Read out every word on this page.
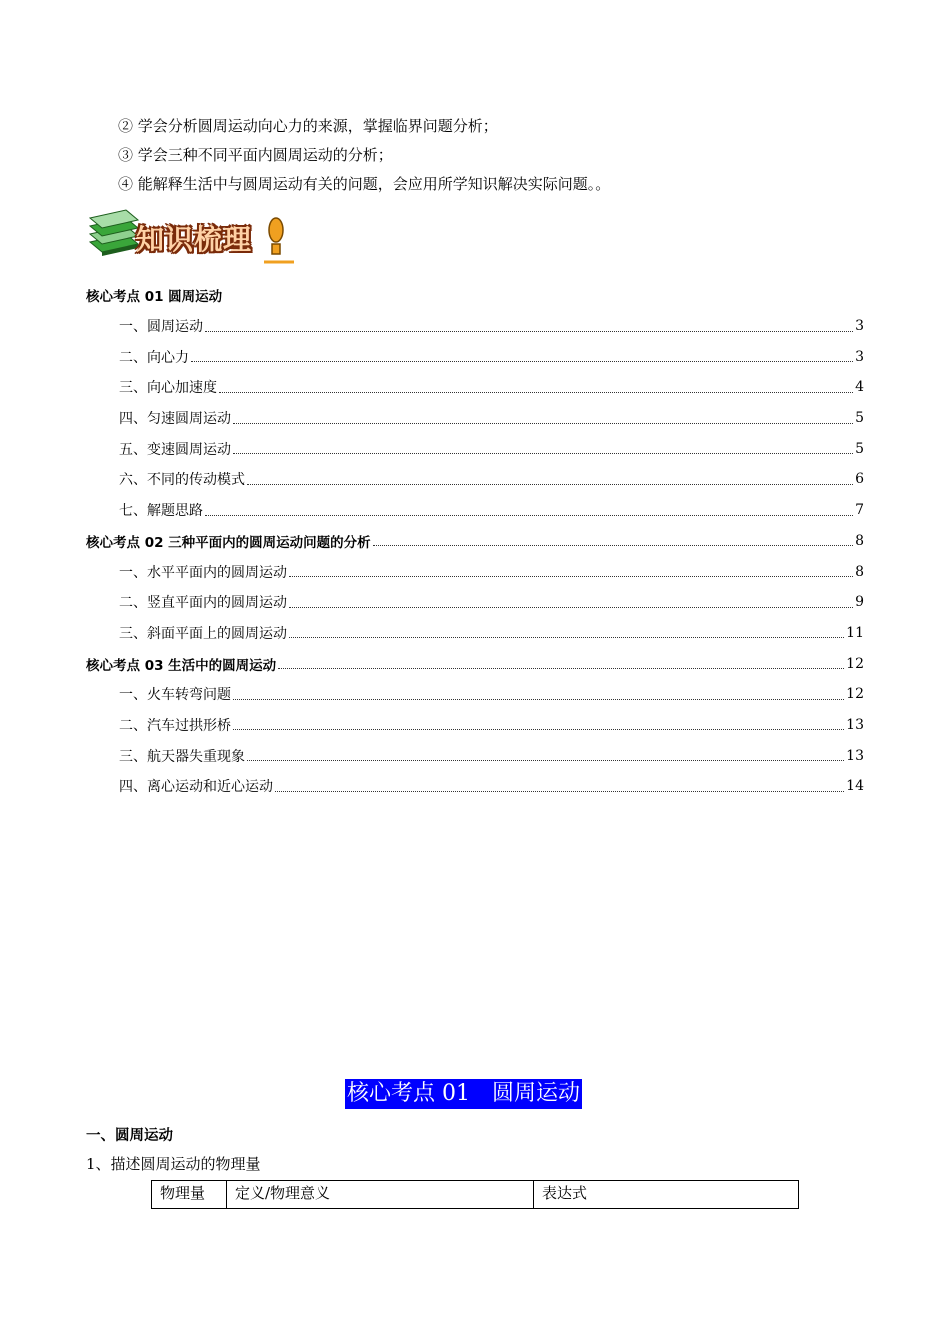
② 学会分析圆周运动向心力的来源，掌握临界问题分析；
③ 学会三种不同平面内圆周运动的分析；
④ 能解释生活中与圆周运动有关的问题，会应用所学知识解决实际问题。。
知识梳理
核心考点 01 圆周运动
一、圆周运动	3
二、向心力	3
三、向心加速度	4
四、匀速圆周运动	5
五、变速圆周运动	5
六、不同的传动模式	6
七、解题思路	7
核心考点 02 三种平面内的圆周运动问题的分析	8
一、水平平面内的圆周运动	8
二、竖直平面内的圆周运动	9
三、斜面平面上的圆周运动	11
核心考点 03 生活中的圆周运动	12
一、火车转弯问题	12
二、汽车过拱形桥	13
三、航天器失重现象	13
四、离心运动和近心运动	14
核心考点 01　圆周运动
一、圆周运动
1、描述圆周运动的物理量
物理量	定义/物理意义	表达式
